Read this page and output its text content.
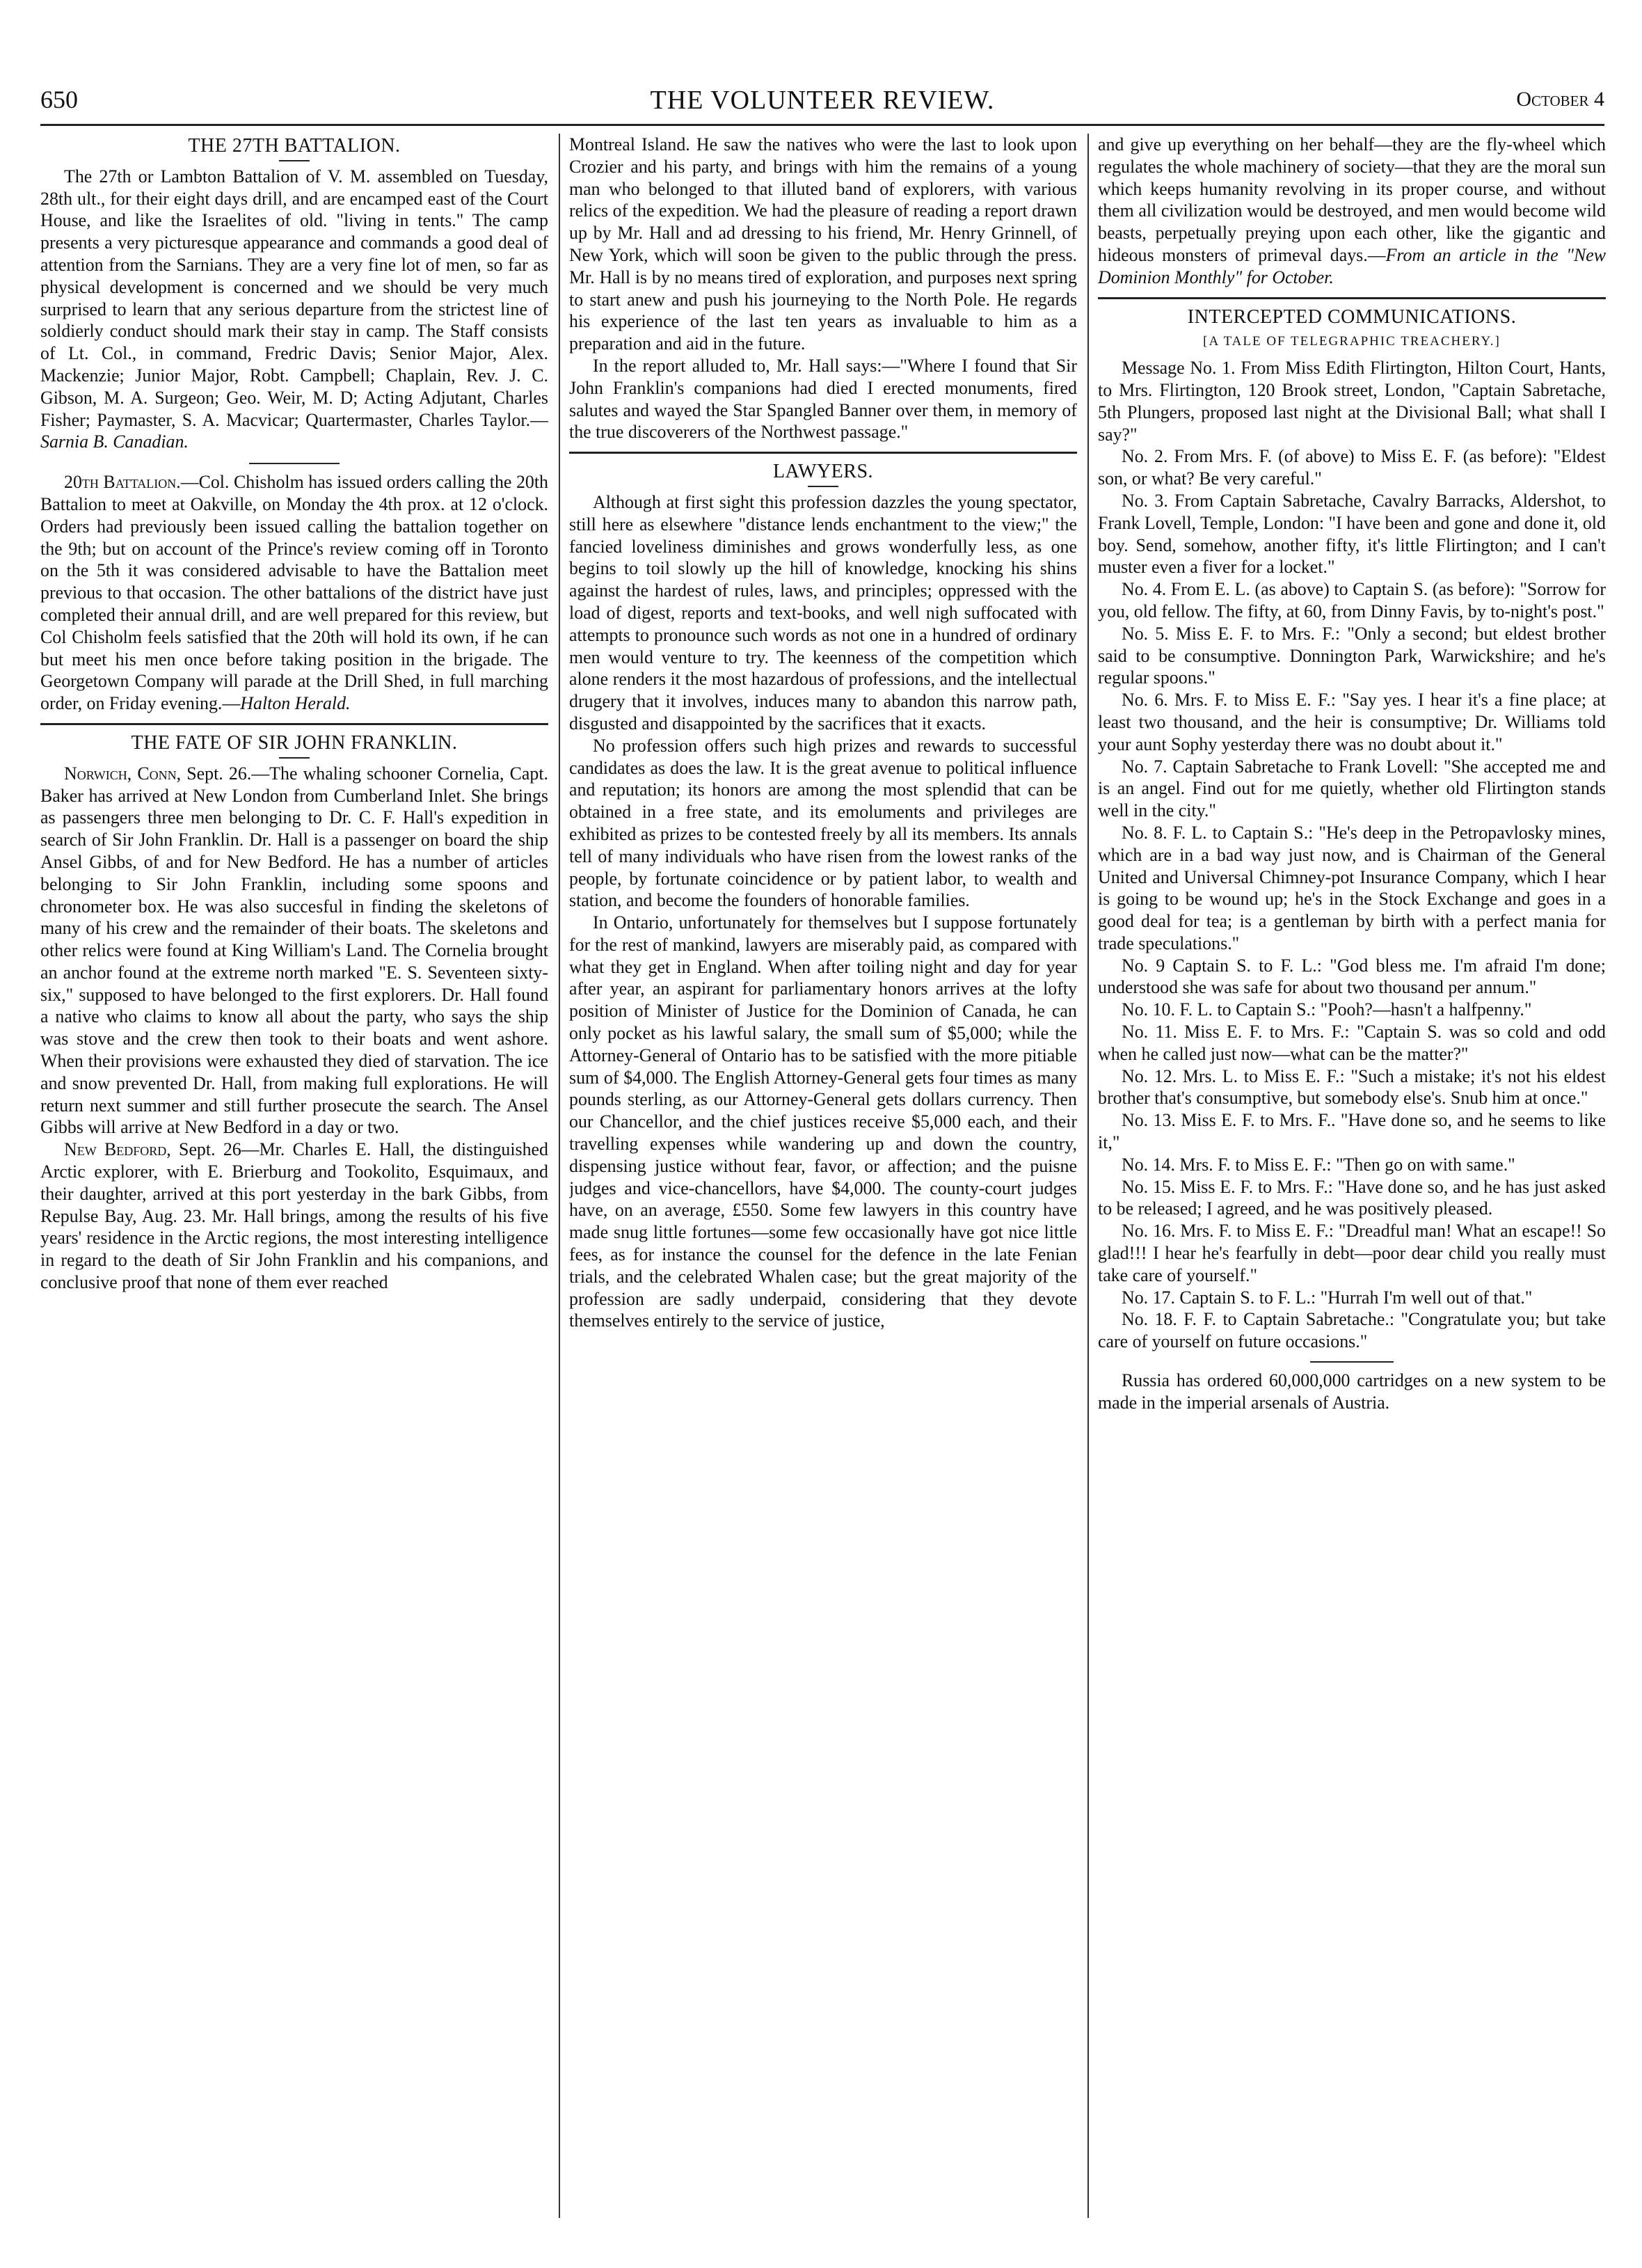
650	THE VOLUNTEER REVIEW.	October 4
THE 27TH BATTALION.

The 27th or Lambton Battalion of V. M. assembled on Tuesday, 28th ult., for their eight days drill, and are encamped east of the Court House, and like the Israelites of old. "living in tents." The camp presents a very picturesque appearance and commands a good deal of attention from the Sarnians. They are a very fine lot of men, so far as physical development is concerned and we should be very much surprised to learn that any serious departure from the strictest line of soldierly conduct should mark their stay in camp. The Staff consists of Lt. Col., in command, Fredric Davis; Senior Major, Alex. Mackenzie; Junior Major, Robt. Campbell; Chaplain, Rev. J. C. Gibson, M. A. Surgeon; Geo. Weir, M. D; Acting Adjutant, Charles Fisher; Paymaster, S. A. Macvicar; Quartermaster, Charles Taylor.—Sarnia B. Canadian.

20th Battalion.—Col. Chisholm has issued orders calling the 20th Battalion to meet at Oakville, on Monday the 4th prox. at 12 o'clock. Orders had previously been issued calling the battalion together on the 9th; but on account of the Prince's review coming off in Toronto on the 5th it was considered advisable to have the Battalion meet previous to that occasion. The other battalions of the district have just completed their annual drill, and are well prepared for this review, but Col Chisholm feels satisfied that the 20th will hold its own, if he can but meet his men once before taking position in the brigade. The Georgetown Company will parade at the Drill Shed, in full marching order, on Friday evening.—Halton Herald.

THE FATE OF SIR JOHN FRANKLIN.

Norwich, Conn, Sept. 26.—The whaling schooner Cornelia, Capt. Baker has arrived at New London from Cumberland Inlet. She brings as passengers three men belonging to Dr. C. F. Hall's expedition in search of Sir John Franklin. Dr. Hall is a passenger on board the ship Ansel Gibbs, of and for New Bedford. He has a number of articles belonging to Sir John Franklin, including some spoons and chronometer box. He was also succesful in finding the skeletons of many of his crew and the remainder of their boats. The skeletons and other relics were found at King William's Land. The Cornelia brought an anchor found at the extreme north marked "E. S. Seventeen sixty-six," supposed to have belonged to the first explorers. Dr. Hall found a native who claims to know all about the party, who says the ship was stove and the crew then took to their boats and went ashore. When their provisions were exhausted they died of starvation. The ice and snow prevented Dr. Hall, from making full explorations. He will return next summer and still further prosecute the search. The Ansel Gibbs will arrive at New Bedford in a day or two.

New Bedford, Sept. 26—Mr. Charles E. Hall, the distinguished Arctic explorer, with E. Brierburg and Tookolito, Esquimaux, and their daughter, arrived at this port yesterday in the bark Gibbs, from Repulse Bay, Aug. 23. Mr. Hall brings, among the results of his five years' residence in the Arctic regions, the most interesting intelligence in regard to the death of Sir John Franklin and his companions, and conclusive proof that none of them ever reached

Montreal Island. He saw the natives who were the last to look upon Crozier and his party, and brings with him the remains of a young man who belonged to that illuted band of explorers, with various relics of the expedition. We had the pleasure of reading a report drawn up by Mr. Hall and ad dressing to his friend, Mr. Henry Grinnell, of New York, which will soon be given to the public through the press. Mr. Hall is by no means tired of exploration, and purposes next spring to start anew and push his journeying to the North Pole. He regards his experience of the last ten years as invaluable to him as a preparation and aid in the future.

In the report alluded to, Mr. Hall says:—"Where I found that Sir John Franklin's companions had died I erected monuments, fired salutes and wayed the Star Spangled Banner over them, in memory of the true discoverers of the Northwest passage."

LAWYERS.

Although at first sight this profession dazzles the young spectator, still here as elsewhere "distance lends enchantment to the view;" the fancied loveliness diminishes and grows wonderfully less, as one begins to toil slowly up the hill of knowledge, knocking his shins against the hardest of rules, laws, and principles; oppressed with the load of digest, reports and text-books, and well nigh suffocated with attempts to pronounce such words as not one in a hundred of ordinary men would venture to try. The keenness of the competition which alone renders it the most hazardous of professions, and the intellectual drugery that it involves, induces many to abandon this narrow path, disgusted and disappointed by the sacrifices that it exacts.

No profession offers such high prizes and rewards to successful candidates as does the law. It is the great avenue to political influence and reputation; its honors are among the most splendid that can be obtained in a free state, and its emoluments and privileges are exhibited as prizes to be contested freely by all its members. Its annals tell of many individuals who have risen from the lowest ranks of the people, by fortunate coincidence or by patient labor, to wealth and station, and become the founders of honorable families.

In Ontario, unfortunately for themselves but I suppose fortunately for the rest of mankind, lawyers are miserably paid, as compared with what they get in England. When after toiling night and day for year after year, an aspirant for parliamentary honors arrives at the lofty position of Minister of Justice for the Dominion of Canada, he can only pocket as his lawful salary, the small sum of $5,000; while the Attorney-General of Ontario has to be satisfied with the more pitiable sum of $4,000. The English Attorney-General gets four times as many pounds sterling, as our Attorney-General gets dollars currency. Then our Chancellor, and the chief justices receive $5,000 each, and their travelling expenses while wandering up and down the country, dispensing justice without fear, favor, or affection; and the puisne judges and vice-chancellors, have $4,000. The county-court judges have, on an average, £550. Some few lawyers in this country have made snug little fortunes—some few occasionally have got nice little fees, as for instance the counsel for the defence in the late Fenian trials, and the celebrated Whalen case; but the great majority of the profession are sadly underpaid, considering that they devote themselves entirely to the service of justice,

and give up everything on her behalf—they are the fly-wheel which regulates the whole machinery of society—that they are the moral sun which keeps humanity revolving in its proper course, and without them all civilization would be destroyed, and men would become wild beasts, perpetually preying upon each other, like the gigantic and hideous monsters of primeval days.—From an article in the "New Dominion Monthly" for October.

INTERCEPTED COMMUNICATIONS.
[A TALE OF TELEGRAPHIC TREACHERY.]

Message No. 1. From Miss Edith Flirtington, Hilton Court, Hants, to Mrs. Flirtington, 120 Brook street, London, "Captain Sabretache, 5th Plungers, proposed last night at the Divisional Ball; what shall I say?"

No. 2. From Mrs. F. (of above) to Miss E. F. (as before): "Eldest son, or what? Be very careful."

No. 3. From Captain Sabretache, Cavalry Barracks, Aldershot, to Frank Lovell, Temple, London: "I have been and gone and done it, old boy. Send, somehow, another fifty, it's little Flirtington; and I can't muster even a fiver for a locket."

No. 4. From E. L. (as above) to Captain S. (as before): "Sorrow for you, old fellow. The fifty, at 60, from Dinny Favis, by to-night's post."

No. 5. Miss E. F. to Mrs. F.: "Only a second; but eldest brother said to be consumptive. Donnington Park, Warwickshire; and he's regular spoons."

No. 6. Mrs. F. to Miss E. F.: "Say yes. I hear it's a fine place; at least two thousand, and the heir is consumptive; Dr. Williams told your aunt Sophy yesterday there was no doubt about it."

No. 7. Captain Sabretache to Frank Lovell: "She accepted me and is an angel. Find out for me quietly, whether old Flirtington stands well in the city."

No. 8. F. L. to Captain S.: "He's deep in the Petropavlosky mines, which are in a bad way just now, and is Chairman of the General United and Universal Chimney-pot Insurance Company, which I hear is going to be wound up; he's in the Stock Exchange and goes in a good deal for tea; is a gentleman by birth with a perfect mania for trade speculations."

No. 9 Captain S. to F. L.: "God bless me. I'm afraid I'm done; understood she was safe for about two thousand per annum."

No. 10. F. L. to Captain S.: "Pooh?—hasn't a halfpenny."

No. 11. Miss E. F. to Mrs. F.: "Captain S. was so cold and odd when he called just now—what can be the matter?"

No. 12. Mrs. L. to Miss E. F.: "Such a mistake; it's not his eldest brother that's consumptive, but somebody else's. Snub him at once."

No. 13. Miss E. F. to Mrs. F.. "Have done so, and he seems to like it,"

No. 14. Mrs. F. to Miss E. F.: "Then go on with same."

No. 15. Miss E. F. to Mrs. F.: "Have done so, and he has just asked to be released; I agreed, and he was positively pleased.

No. 16. Mrs. F. to Miss E. F.: "Dreadful man! What an escape!! So glad!!! I hear he's fearfully in debt—poor dear child you really must take care of yourself."

No. 17. Captain S. to F. L.: "Hurrah I'm well out of that."

No. 18. F. F. to Captain Sabretache.: "Congratulate you; but take care of yourself on future occasions."

Russia has ordered 60,000,000 cartridges on a new system to be made in the imperial arsenals of Austria.
